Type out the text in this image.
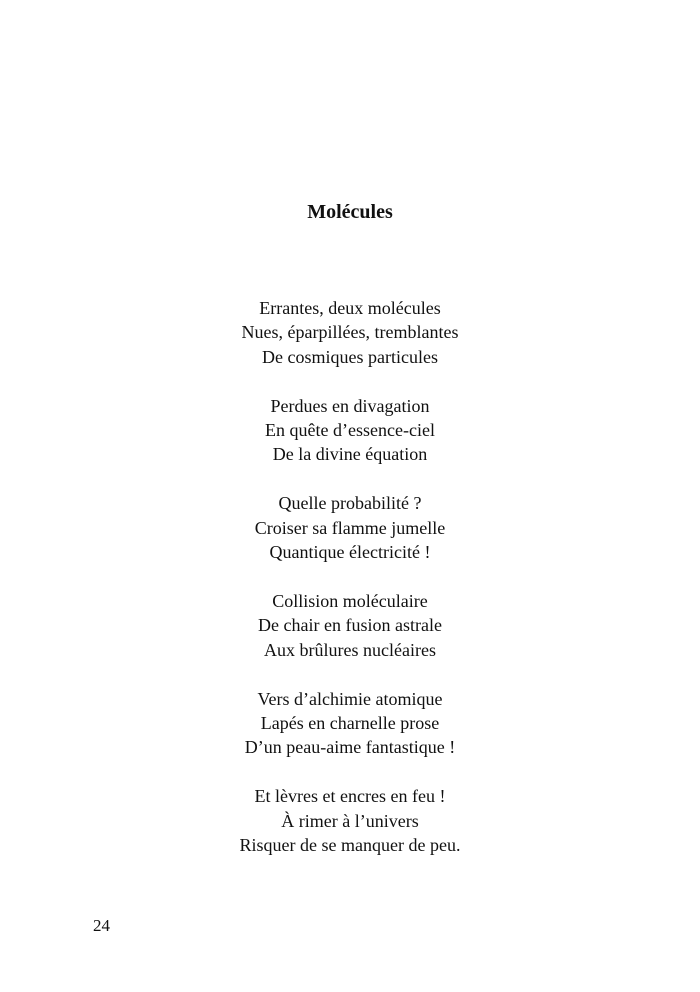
Molécules
Errantes, deux molécules
Nues, éparpillées, tremblantes
De cosmiques particules
Perdues en divagation
En quête d’essence-ciel
De la divine équation
Quelle probabilité ?
Croiser sa flamme jumelle
Quantique électricité !
Collision moléculaire
De chair en fusion astrale
Aux brûlures nucléaires
Vers d’alchimie atomique
Lapés en charnelle prose
D’un peau-aime fantastique !
Et lèvres et encres en feu !
À rimer à l’univers
Risquer de se manquer de peu.
24
